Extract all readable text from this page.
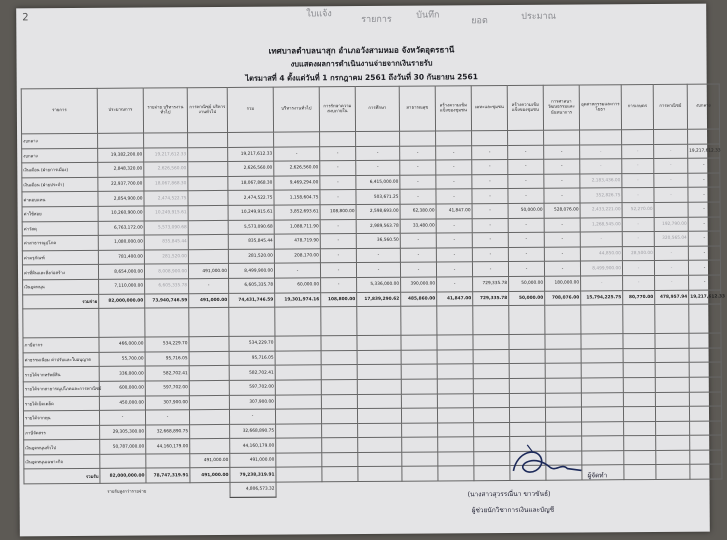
2	ใบแจ้ง
รายการ	บันทึก
ยอด	ประมาณ
เทศบาลตำบลนาสุก อำเภอวังสามหมอ จังหวัดอุดรธานี
งบแสดงผลการดำเนินงานจ่ายจากเงินรายรับ
ไตรมาสที่ 4 ตั้งแต่วันที่ 1 กรกฎาคม 2561 ถึงวันที่ 30 กันยายน 2561
รายการ	ประมาณการ	รายจ่าย บริหารงานทั่วไป	การพาณิชย์ บริหารงานทั่วไป	รวม	บริหารงานทั่วไป	การรักษาความสงบภายใน	การศึกษา	สาธารณสุข	สร้างความเข้มแข็งของชุมชน	เคหะและชุมชน	สร้างความเข้มแข็งของชุมชน	การศาสนาวัฒนธรรมและนันทนาการ	อุตสาหกรรมและการโยธา	การเกษตร	การพาณิชย์	งบกลาง
งบกลาง																
งบกลาง	19,382,200.00	19,217,612.33		19,217,612.33	-	-	-	-	-	-	-	-	-	-	-	19,217,612.33
เงินเดือน (ฝ่ายการเมือง)	2,848,320.00	2,626,560.00		2,626,560.00	2,626,560.00	-	-	-	-	-	-	-	-	-	-	-
เงินเดือน (ฝ่ายประจำ)	22,937,700.00	18,067,868.30		18,067,868.30	9,469,294.00	-	6,415,000.00	-	-	-	-	-	2,183,436.00	-	-	-
ค่าตอบแทน	2,854,900.00	2,474,522.75		2,474,522.75	1,158,604.75	-	503,671.25	-	-	-	-	-	352,826.75	-	-	-
ค่าใช้สอย	10,260,900.00	10,249,915.61		10,249,915.61	3,852,693.61	108,800.00	2,598,693.00	62,380.00	41,847.00	-	50,000.00	528,076.00	2,433,221.00	52,270.00		-
ค่าวัสดุ	6,763,172.00	5,573,090.68		5,573,090.68	1,088,711.90	-	2,989,563.78	33,480.00	-	-	-	-	1,268,545.00	-	192,790.00	-
ค่าสาธารณูปโภค	1,080,000.00	835,845.44		835,845.44	478,719.90	-	36,560.50	-	-	-	-	-	-	-	320,565.04	-
ค่าครุภัณฑ์	781,400.00	281,520.00		281,520.00	208,170.00	-	-	-	-	-	-	-	44,850.00	28,500.00	-	-
ค่าที่ดินและสิ่งก่อสร้าง	8,654,000.00	8,008,900.00	491,000.00	8,499,900.00	-	-	-	-	-	-	-	-	8,499,900.00	-	-	-
เงินอุดหนุน	7,110,000.00	6,605,335.78	-	6,605,335.78	60,000.00	-	5,336,000.00	390,000.00	-	729,335.78	50,000.00	180,000.00	-	-	-	-
รวมจ่าย	82,000,000.00	73,940,746.59	491,000.00	74,431,746.59	19,301,974.16	108,800.00	17,839,290.62	485,860.00	41,847.00	729,335.78	50,000.00	708,076.00	15,794,225.75	80,770.00	478,957.94	19,217,612.33

ภาษีอากร	466,000.00	534,229.70		534,229.70												
ค่าธรรมเนียม ค่าปรับและใบอนุญาต	55,700.00	95,716.05		95,716.05												
รายได้จากทรัพย์สิน	336,000.00	582,702.41		582,702.41												
รายได้จากสาธารณูปโภคและการพาณิชย์	600,000.00	597,702.00		597,702.00												
รายได้เบ็ดเตล็ด	450,000.00	307,900.00		307,900.00												
รายได้จากทุน	-	-		-												
ภาษีจัดสรร	29,305,300.00	32,668,890.75		32,668,890.75												
เงินอุดหนุนทั่วไป	50,787,000.00	44,160,179.00		44,160,179.00												
เงินอุดหนุนเฉพาะกิจ			491,000.00	491,000.00												
รวมรับ	82,000,000.00	78,747,319.91	491,000.00	79,238,319.91												
รายรับสูงกว่ารายจ่าย				4,806,573.32												
ผู้จัดทำ
(นางสาวสุวรรณี่นา ขาวขันธ์)
ผู้ช่วยนักวิชาการเงินและบัญชี
